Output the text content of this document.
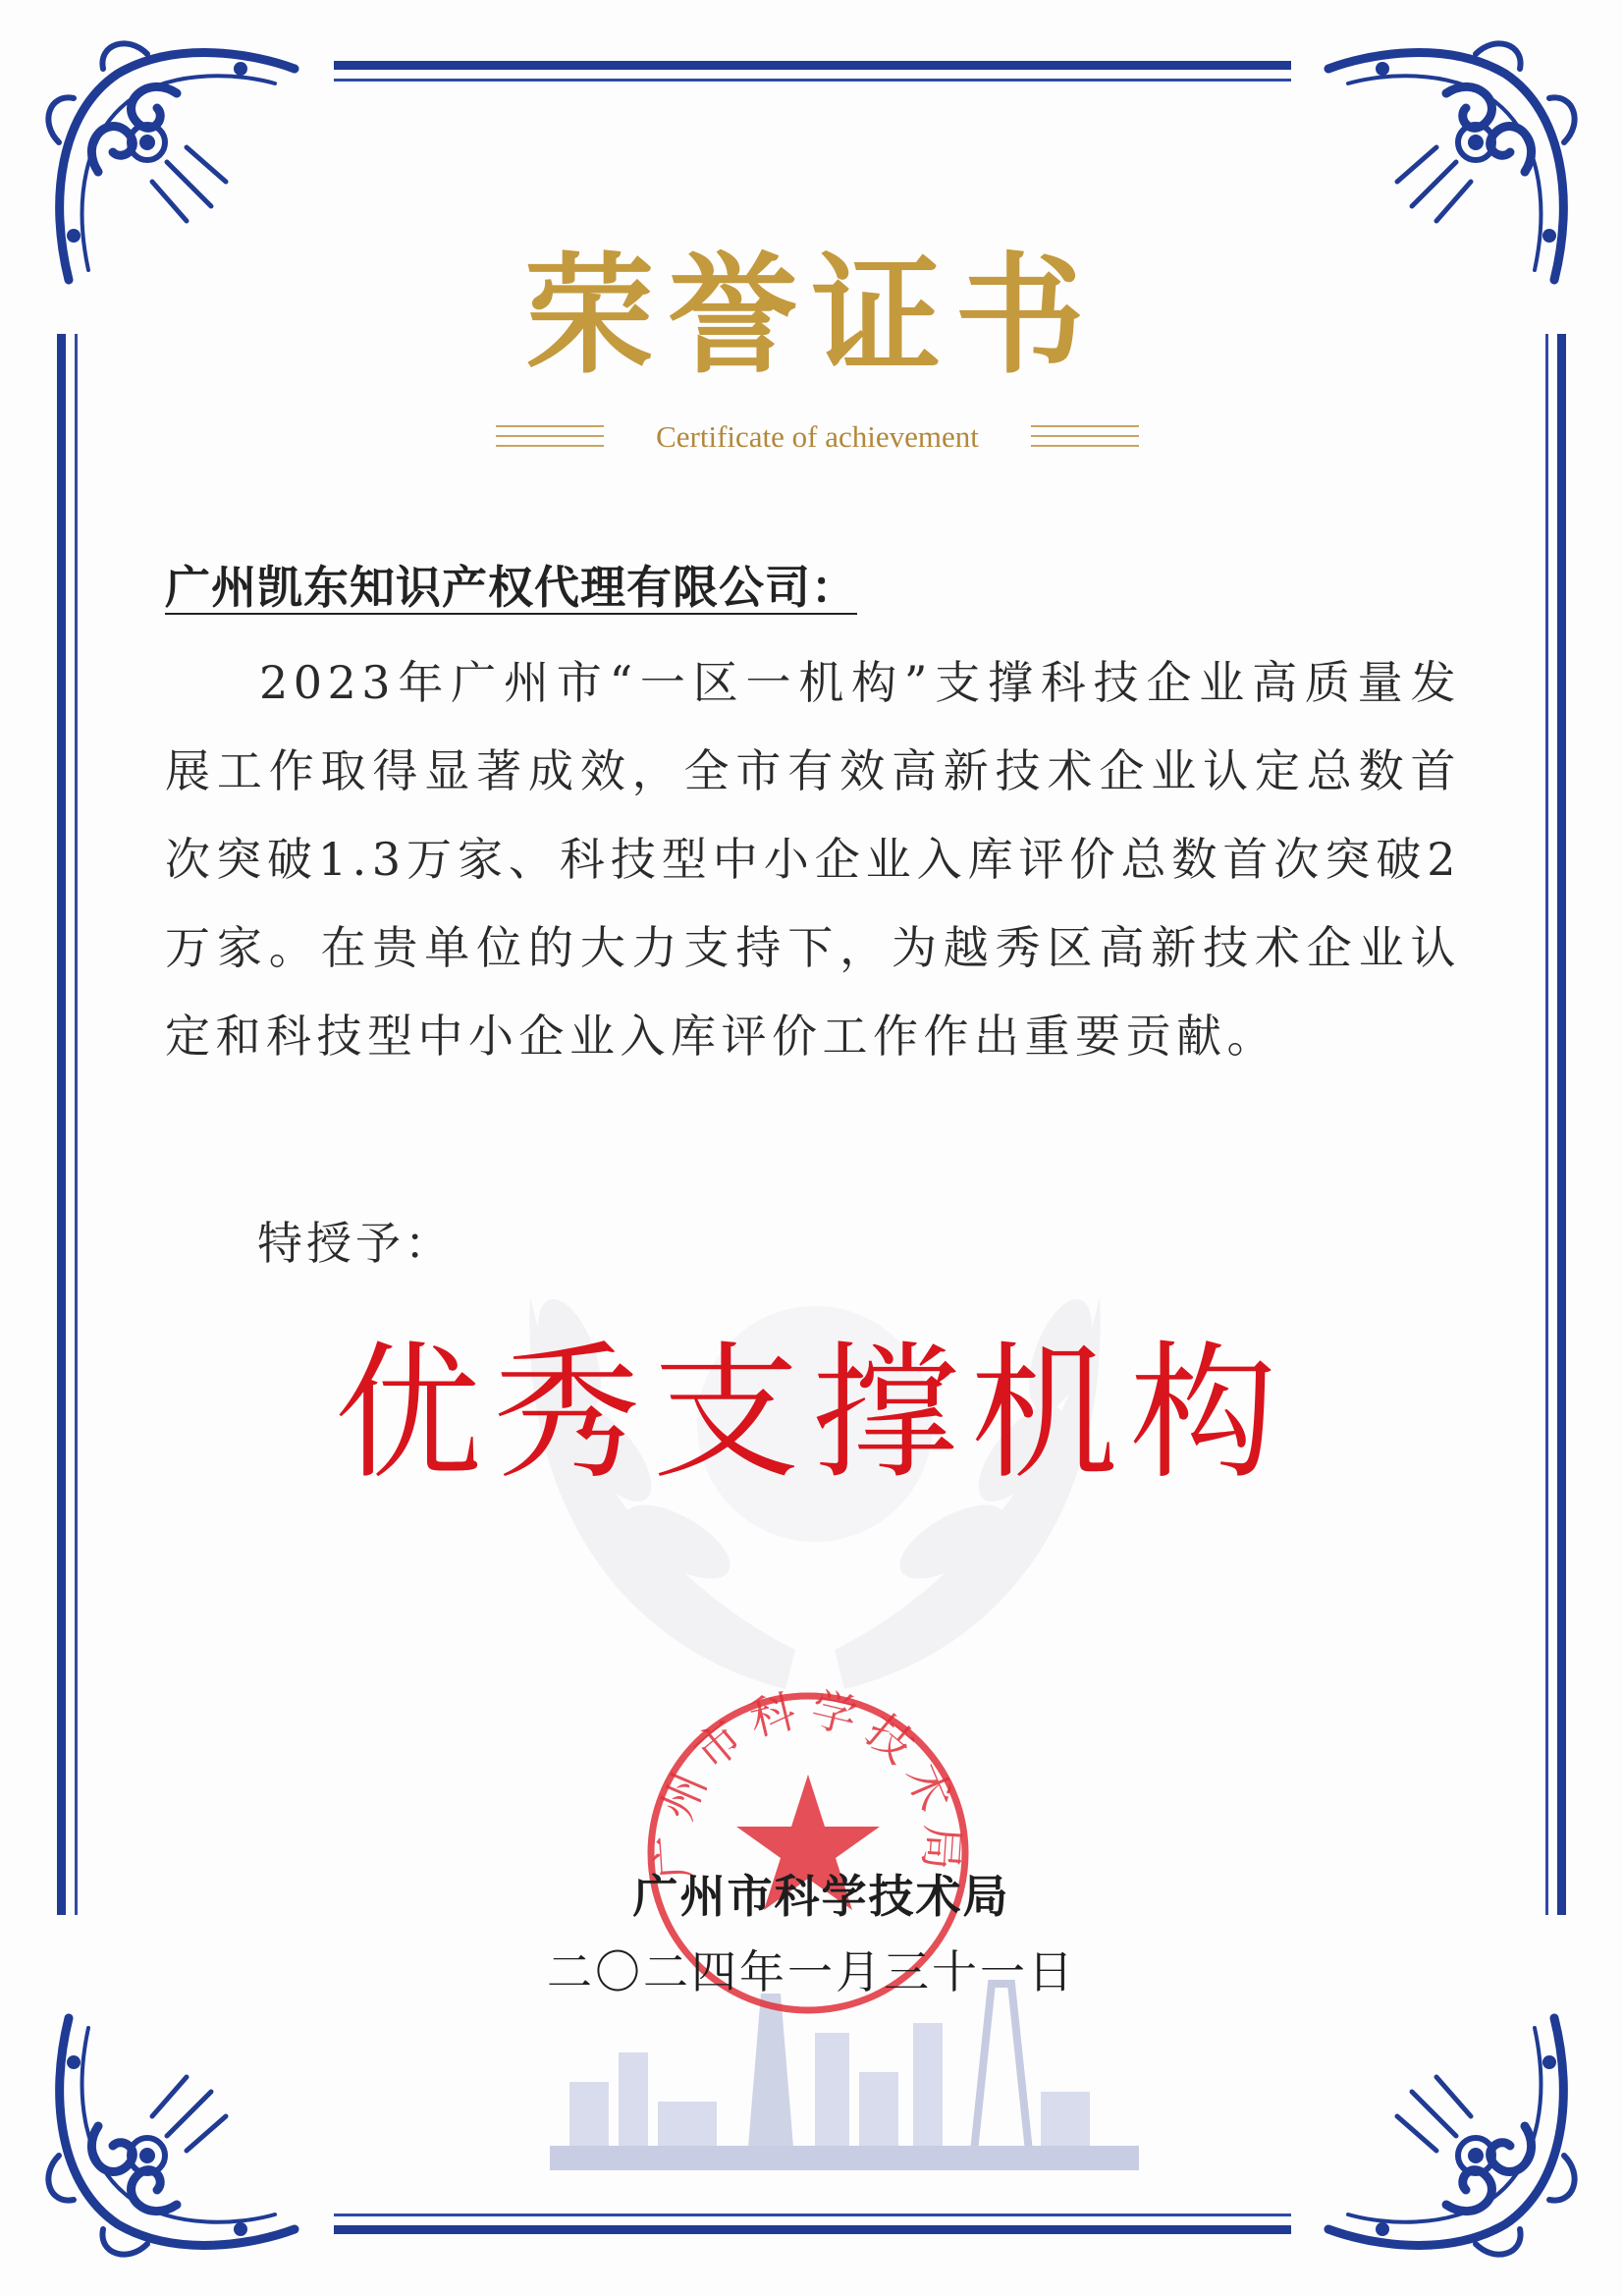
荣誉证书
Certificate of achievement
广州凯东知识产权代理有限公司：
2023年广州市“一区一机构”支撑科技企业高质量发展工作取得显著成效，全市有效高新技术企业认定总数首次突破1.3万家、科技型中小企业入库评价总数首次突破2万家。在贵单位的大力支持下，为越秀区高新技术企业认定和科技型中小企业入库评价工作作出重要贡献。
特授予：
优秀支撑机构
广州市科学技术局
广州市科学技术局
二〇二四年一月三十一日
